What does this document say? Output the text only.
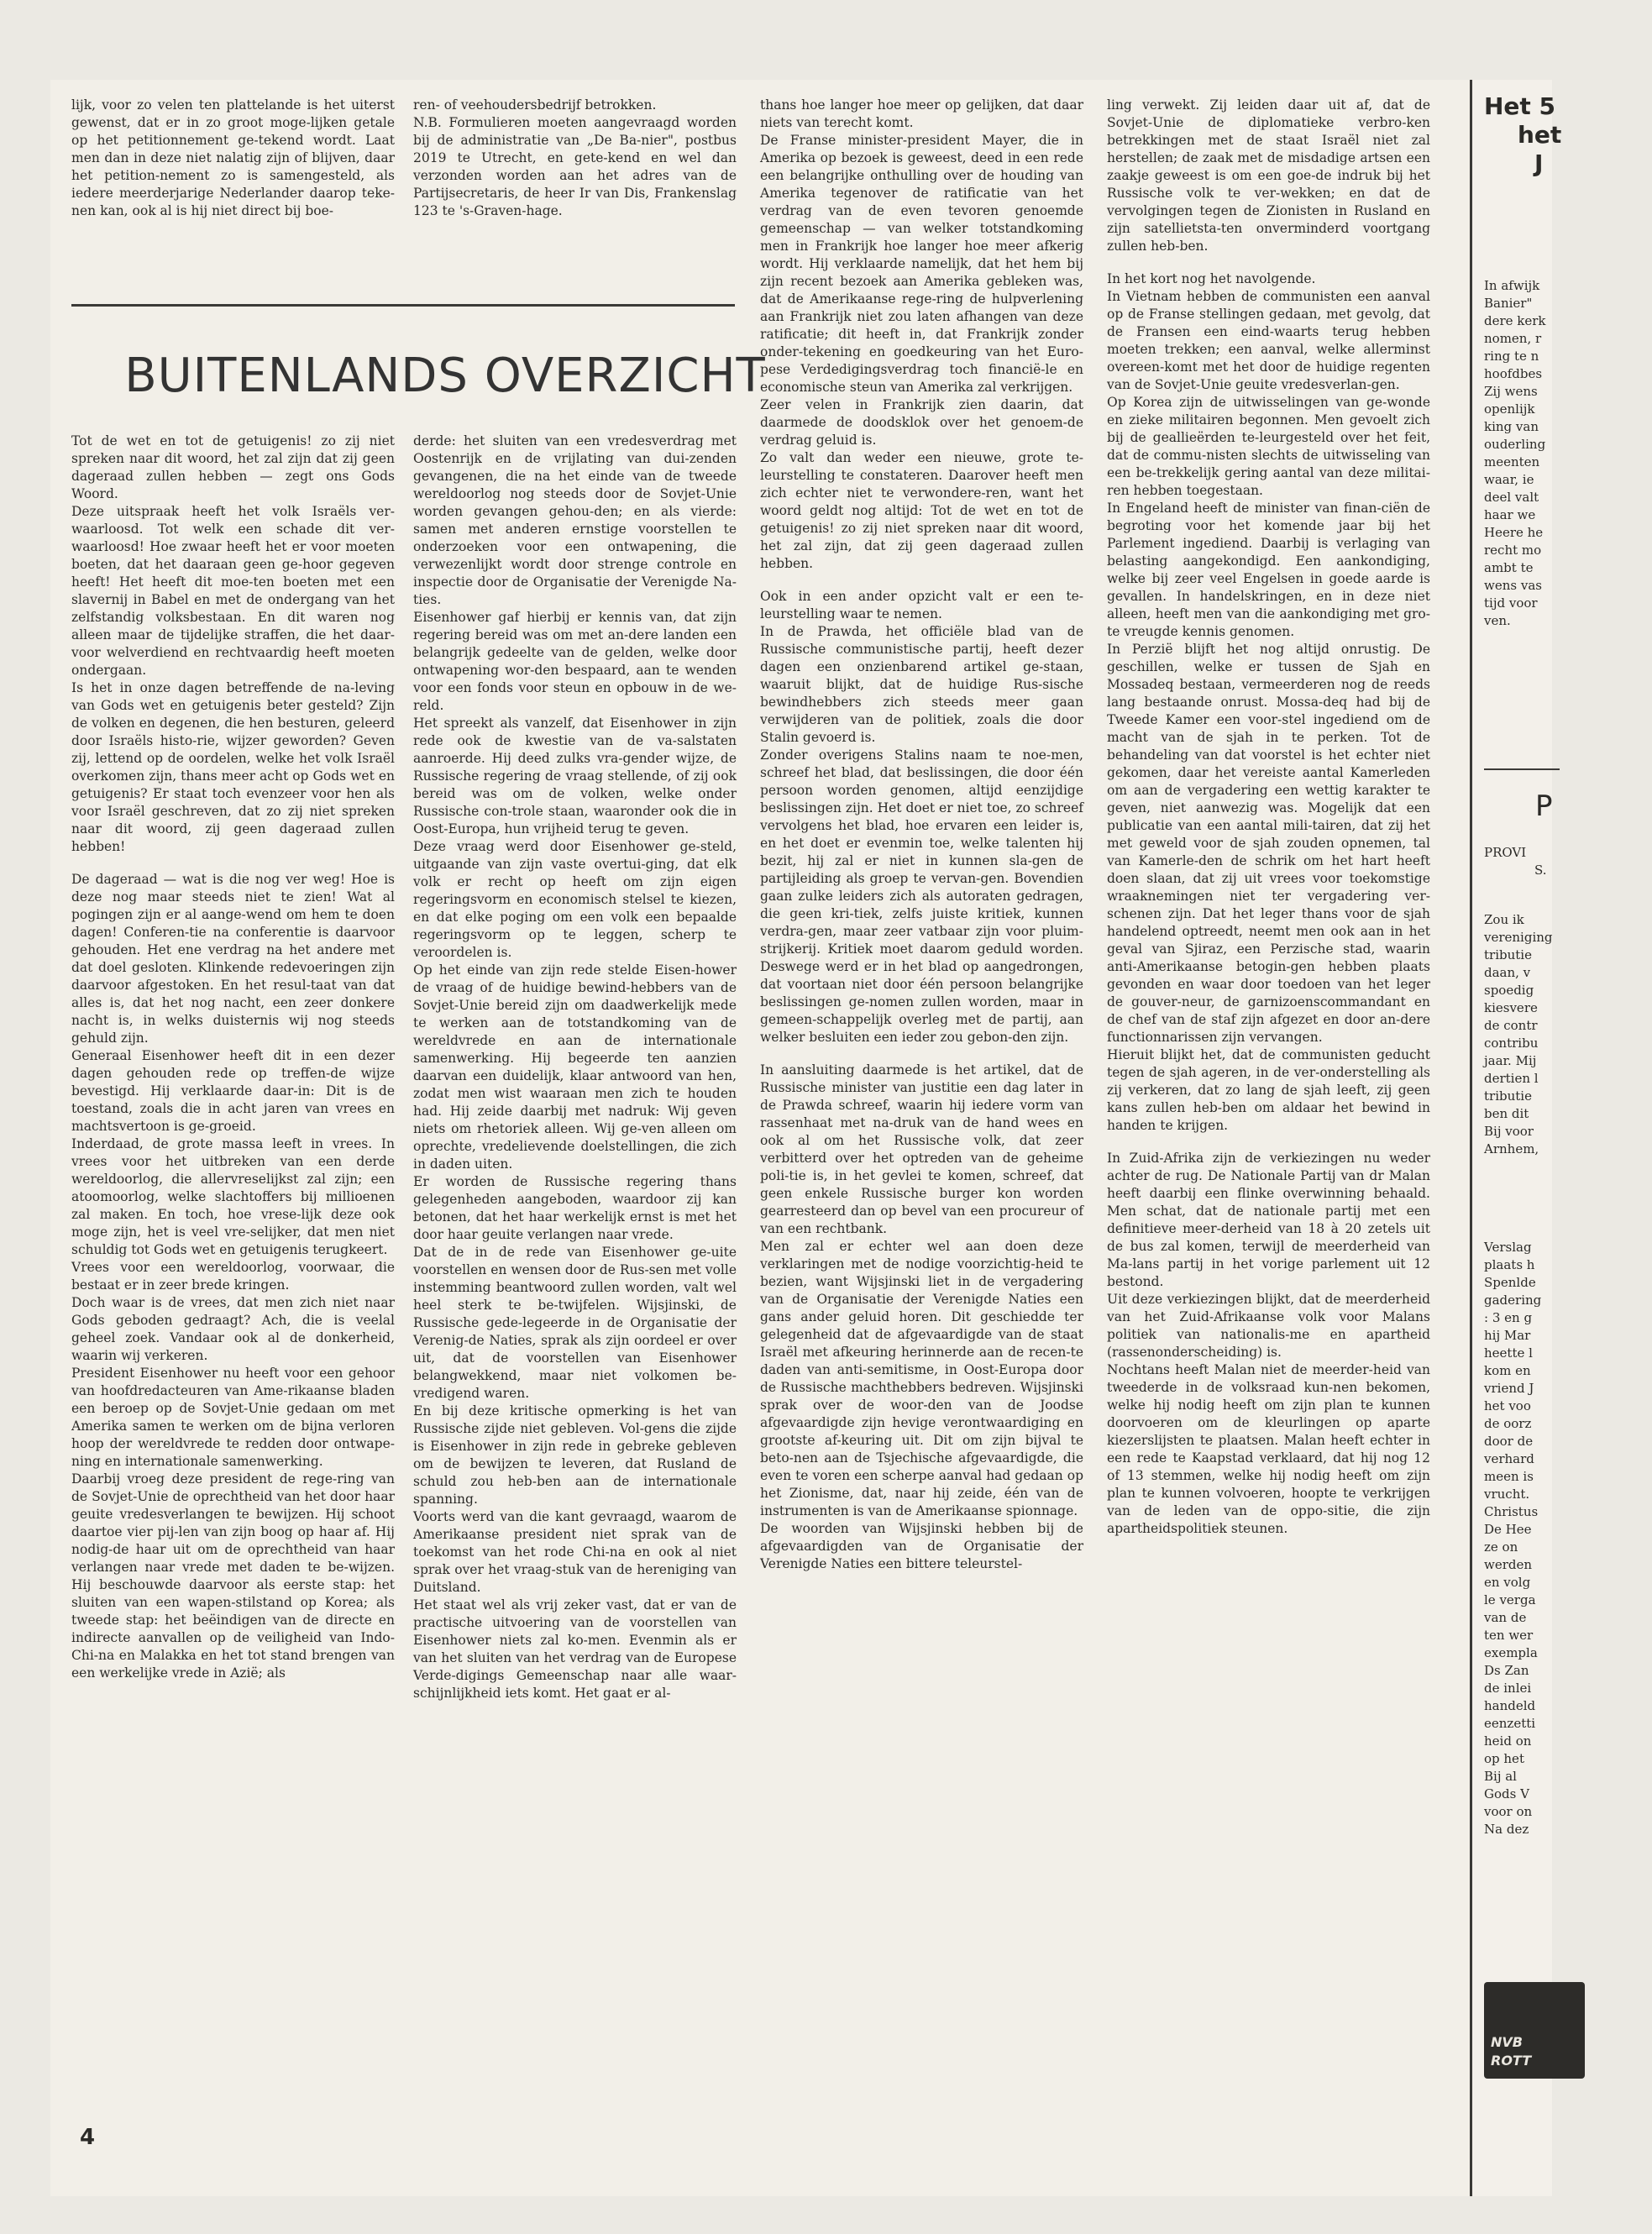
lijk, voor zo velen ten plattelande is het uiterst gewenst, dat er in zo groot moge-lijken getale op het petitionnement ge-tekend wordt. Laat men dan in deze niet nalatig zijn of blijven, daar het petition-nement zo is samengesteld, als iedere meerderjarige Nederlander daarop teke-nen kan, ook al is hij niet direct bij boe-

ren- of veehoudersbedrijf betrokken.

N.B. Formulieren moeten aangevraagd worden bij de administratie van „De Ba-nier", postbus 2019 te Utrecht, en gete-kend en wel dan verzonden worden aan het adres van de Partijsecretaris, de heer Ir van Dis, Frankenslag 123 te 's-Graven-hage.

BUITENLANDS OVERZICHT

Tot de wet en tot de getuigenis! zo zij niet spreken naar dit woord, het zal zijn dat zij geen dageraad zullen hebben — zegt ons Gods Woord.

Deze uitspraak heeft het volk Israëls ver-waarloosd. Tot welk een schade dit ver-waarloosd! Hoe zwaar heeft het er voor moeten boeten, dat het daaraan geen ge-hoor gegeven heeft! Het heeft dit moe-ten boeten met een slavernij in Babel en met de ondergang van het zelfstandig volksbestaan. En dit waren nog alleen maar de tijdelijke straffen, die het daar-voor welverdiend en rechtvaardig heeft moeten ondergaan.

Is het in onze dagen betreffende de na-leving van Gods wet en getuigenis beter gesteld? Zijn de volken en degenen, die hen besturen, geleerd door Israëls histo-rie, wijzer geworden? Geven zij, lettend op de oordelen, welke het volk Israël overkomen zijn, thans meer acht op Gods wet en getuigenis? Er staat toch evenzeer voor hen als voor Israël geschreven, dat zo zij niet spreken naar dit woord, zij geen dageraad zullen hebben!

De dageraad — wat is die nog ver weg! Hoe is deze nog maar steeds niet te zien! Wat al pogingen zijn er al aange-wend om hem te doen dagen! Conferen-tie na conferentie is daarvoor gehouden. Het ene verdrag na het andere met dat doel gesloten. Klinkende redevoeringen zijn daarvoor afgestoken. En het resul-taat van dat alles is, dat het nog nacht, een zeer donkere nacht is, in welks duisternis wij nog steeds gehuld zijn.

Generaal Eisenhower heeft dit in een dezer dagen gehouden rede op treffen-de wijze bevestigd. Hij verklaarde daar-in: Dit is de toestand, zoals die in acht jaren van vrees en machtsvertoon is ge-groeid.

Inderdaad, de grote massa leeft in vrees. In vrees voor het uitbreken van een derde wereldoorlog, die allervreselijkst zal zijn; een atoomoorlog, welke slachtoffers bij millioenen zal maken. En toch, hoe vrese-lijk deze ook moge zijn, het is veel vre-selijker, dat men niet schuldig tot Gods wet en getuigenis terugkeert.

Vrees voor een wereldoorlog, voorwaar, die bestaat er in zeer brede kringen.

Doch waar is de vrees, dat men zich niet naar Gods geboden gedraagt? Ach, die is veelal geheel zoek. Vandaar ook al de donkerheid, waarin wij verkeren.

President Eisenhower nu heeft voor een gehoor van hoofdredacteuren van Ame-rikaanse bladen een beroep op de Sovjet-Unie gedaan om met Amerika samen te werken om de bijna verloren hoop der wereldvrede te redden door ontwape-ning en internationale samenwerking.

Daarbij vroeg deze president de rege-ring van de Sovjet-Unie de oprechtheid van het door haar geuite vredesverlangen te bewijzen. Hij schoot daartoe vier pij-len van zijn boog op haar af. Hij nodig-de haar uit om de oprechtheid van haar verlangen naar vrede met daden te be-wijzen. Hij beschouwde daarvoor als eerste stap: het sluiten van een wapen-stilstand op Korea; als tweede stap: het beëindigen van de directe en indirecte aanvallen op de veiligheid van Indo-Chi-na en Malakka en het tot stand brengen van een werkelijke vrede in Azië; als

derde: het sluiten van een vredesverdrag met Oostenrijk en de vrijlating van dui-zenden gevangenen, die na het einde van de tweede wereldoorlog nog steeds door de Sovjet-Unie worden gevangen gehou-den; en als vierde: samen met anderen ernstige voorstellen te onderzoeken voor een ontwapening, die verwezenlijkt wordt door strenge controle en inspectie door de Organisatie der Verenigde Na-ties.

Eisenhower gaf hierbij er kennis van, dat zijn regering bereid was om met an-dere landen een belangrijk gedeelte van de gelden, welke door ontwapening wor-den bespaard, aan te wenden voor een fonds voor steun en opbouw in de we-reld.

Het spreekt als vanzelf, dat Eisenhower in zijn rede ook de kwestie van de va-salstaten aanroerde. Hij deed zulks vra-gender wijze, de Russische regering de vraag stellende, of zij ook bereid was om de volken, welke onder Russische con-trole staan, waaronder ook die in Oost-Europa, hun vrijheid terug te geven.

Deze vraag werd door Eisenhower ge-steld, uitgaande van zijn vaste overtui-ging, dat elk volk er recht op heeft om zijn eigen regeringsvorm en economisch stelsel te kiezen, en dat elke poging om een volk een bepaalde regeringsvorm op te leggen, scherp te veroordelen is.

Op het einde van zijn rede stelde Eisen-hower de vraag of de huidige bewind-hebbers van de Sovjet-Unie bereid zijn om daadwerkelijk mede te werken aan de totstandkoming van de wereldvrede en aan de internationale samenwerking. Hij begeerde ten aanzien daarvan een duidelijk, klaar antwoord van hen, zodat men wist waaraan men zich te houden had. Hij zeide daarbij met nadruk: Wij geven niets om rhetoriek alleen. Wij ge-ven alleen om oprechte, vredelievende doelstellingen, die zich in daden uiten.

Er worden de Russische regering thans gelegenheden aangeboden, waardoor zij kan betonen, dat het haar werkelijk ernst is met het door haar geuite verlangen naar vrede.

Dat de in de rede van Eisenhower ge-uite voorstellen en wensen door de Rus-sen met volle instemming beantwoord zullen worden, valt wel heel sterk te be-twijfelen. Wijsjinski, de Russische gede-legeerde in de Organisatie der Verenig-de Naties, sprak als zijn oordeel er over uit, dat de voorstellen van Eisenhower belangwekkend, maar niet volkomen be-vredigend waren.

En bij deze kritische opmerking is het van Russische zijde niet gebleven. Vol-gens die zijde is Eisenhower in zijn rede in gebreke gebleven om de bewijzen te leveren, dat Rusland de schuld zou heb-ben aan de internationale spanning.

Voorts werd van die kant gevraagd, waarom de Amerikaanse president niet sprak van de toekomst van het rode Chi-na en ook al niet sprak over het vraag-stuk van de hereniging van Duitsland.

Het staat wel als vrij zeker vast, dat er van de practische uitvoering van de voorstellen van Eisenhower niets zal ko-men. Evenmin als er van het sluiten van het verdrag van de Europese Verde-digings Gemeenschap naar alle waar-schijnlijkheid iets komt. Het gaat er al-

thans hoe langer hoe meer op gelijken, dat daar niets van terecht komt.

De Franse minister-president Mayer, die in Amerika op bezoek is geweest, deed in een rede een belangrijke onthulling over de houding van Amerika tegenover de ratificatie van het verdrag van de even tevoren genoemde gemeenschap — van welker totstandkoming men in Frankrijk hoe langer hoe meer afkerig wordt. Hij verklaarde namelijk, dat het hem bij zijn recent bezoek aan Amerika gebleken was, dat de Amerikaanse rege-ring de hulpverlening aan Frankrijk niet zou laten afhangen van deze ratificatie; dit heeft in, dat Frankrijk zonder onder-tekening en goedkeuring van het Euro-pese Verdedigingsverdrag toch financië-le en economische steun van Amerika zal verkrijgen.

Zeer velen in Frankrijk zien daarin, dat daarmede de doodsklok over het genoem-de verdrag geluid is.

Zo valt dan weder een nieuwe, grote te-leurstelling te constateren. Daarover heeft men zich echter niet te verwondere-ren, want het woord geldt nog altijd: Tot de wet en tot de getuigenis! zo zij niet spreken naar dit woord, het zal zijn, dat zij geen dageraad zullen hebben.

Ook in een ander opzicht valt er een te-leurstelling waar te nemen.

In de Prawda, het officiële blad van de Russische communistische partij, heeft dezer dagen een onzienbarend artikel ge-staan, waaruit blijkt, dat de huidige Rus-sische bewindhebbers zich steeds meer gaan verwijderen van de politiek, zoals die door Stalin gevoerd is.

Zonder overigens Stalins naam te noe-men, schreef het blad, dat beslissingen, die door één persoon worden genomen, altijd eenzijdige beslissingen zijn. Het doet er niet toe, zo schreef vervolgens het blad, hoe ervaren een leider is, en het doet er evenmin toe, welke talenten hij bezit, hij zal er niet in kunnen sla-gen de partijleiding als groep te vervan-gen. Bovendien gaan zulke leiders zich als autoraten gedragen, die geen kri-tiek, zelfs juiste kritiek, kunnen verdra-gen, maar zeer vatbaar zijn voor pluim-strijkerij. Kritiek moet daarom geduld worden. Deswege werd er in het blad op aangedrongen, dat voortaan niet door één persoon belangrijke beslissingen ge-nomen zullen worden, maar in gemeen-schappelijk overleg met de partij, aan welker besluiten een ieder zou gebon-den zijn.

In aansluiting daarmede is het artikel, dat de Russische minister van justitie een dag later in de Prawda schreef, waarin hij iedere vorm van rassenhaat met na-druk van de hand wees en ook al om het Russische volk, dat zeer verbitterd over het optreden van de geheime poli-tie is, in het gevlei te komen, schreef, dat geen enkele Russische burger kon worden gearresteerd dan op bevel van een procureur of van een rechtbank.

Men zal er echter wel aan doen deze verklaringen met de nodige voorzichtig-heid te bezien, want Wijsjinski liet in de vergadering van de Organisatie der Verenigde Naties een gans ander geluid horen. Dit geschiedde ter gelegenheid dat de afgevaardigde van de staat Israël met afkeuring herinnerde aan de recen-te daden van anti-semitisme, in Oost-Europa door de Russische machthebbers bedreven. Wijsjinski sprak over de woor-den van de Joodse afgevaardigde zijn hevige verontwaardiging en grootste af-keuring uit. Dit om zijn bijval te beto-nen aan de Tsjechische afgevaardigde, die even te voren een scherpe aanval had gedaan op het Zionisme, dat, naar hij zeide, één van de instrumenten is van de Amerikaanse spionnage.

De woorden van Wijsjinski hebben bij de afgevaardigden van de Organisatie der Verenigde Naties een bittere teleurstel-

ling verwekt. Zij leiden daar uit af, dat de Sovjet-Unie de diplomatieke verbro-ken betrekkingen met de staat Israël niet zal herstellen; de zaak met de misdadige artsen een zaakje geweest is om een goe-de indruk bij het Russische volk te ver-wekken; en dat de vervolgingen tegen de Zionisten in Rusland en zijn satellietsta-ten onverminderd voortgang zullen heb-ben.

In het kort nog het navolgende.

In Vietnam hebben de communisten een aanval op de Franse stellingen gedaan, met gevolg, dat de Fransen een eind-waarts terug hebben moeten trekken; een aanval, welke allerminst overeen-komt met het door de huidige regenten van de Sovjet-Unie geuite vredesverlan-gen.

Op Korea zijn de uitwisselingen van ge-wonde en zieke militairen begonnen. Men gevoelt zich bij de geallieërden te-leurgesteld over het feit, dat de commu-nisten slechts de uitwisseling van een be-trekkelijk gering aantal van deze militai-ren hebben toegestaan.

In Engeland heeft de minister van finan-ciën de begroting voor het komende jaar bij het Parlement ingediend. Daarbij is verlaging van belasting aangekondigd. Een aankondiging, welke bij zeer veel Engelsen in goede aarde is gevallen. In handelskringen, en in deze niet alleen, heeft men van die aankondiging met gro-te vreugde kennis genomen.

In Perzië blijft het nog altijd onrustig. De geschillen, welke er tussen de Sjah en Mossadeq bestaan, vermeerderen nog de reeds lang bestaande onrust. Mossa-deq had bij de Tweede Kamer een voor-stel ingediend om de macht van de sjah in te perken. Tot de behandeling van dat voorstel is het echter niet gekomen, daar het vereiste aantal Kamerleden om aan de vergadering een wettig karakter te geven, niet aanwezig was. Mogelijk dat een publicatie van een aantal mili-tairen, dat zij het met geweld voor de sjah zouden opnemen, tal van Kamerle-den de schrik om het hart heeft doen slaan, dat zij uit vrees voor toekomstige wraaknemingen niet ter vergadering ver-schenen zijn. Dat het leger thans voor de sjah handelend optreedt, neemt men ook aan in het geval van Sjiraz, een Perzische stad, waarin anti-Amerikaanse betogin-gen hebben plaats gevonden en waar door toedoen van het leger de gouver-neur, de garnizoenscommandant en de chef van de staf zijn afgezet en door an-dere functionnarissen zijn vervangen.

Hieruit blijkt het, dat de communisten geducht tegen de sjah ageren, in de ver-onderstelling als zij verkeren, dat zo lang de sjah leeft, zij geen kans zullen heb-ben om aldaar het bewind in handen te krijgen.

In Zuid-Afrika zijn de verkiezingen nu weder achter de rug. De Nationale Partij van dr Malan heeft daarbij een flinke overwinning behaald. Men schat, dat de nationale partij met een definitieve meer-derheid van 18 à 20 zetels uit de bus zal komen, terwijl de meerderheid van Ma-lans partij in het vorige parlement uit 12 bestond.

Uit deze verkiezingen blijkt, dat de meerderheid van het Zuid-Afrikaanse volk voor Malans politiek van nationalis-me en apartheid (rassenonderscheiding) is.

Nochtans heeft Malan niet de meerder-heid van tweederde in de volksraad kun-nen bekomen, welke hij nodig heeft om zijn plan te kunnen doorvoeren om de kleurlingen op aparte kiezerslijsten te plaatsen. Malan heeft echter in een rede te Kaapstad verklaard, dat hij nog 12 of 13 stemmen, welke hij nodig heeft om zijn plan te kunnen volvoeren, hoopte te verkrijgen van de leden van de oppo-sitie, die zijn apartheidspolitiek steunen.

4
Het 5
het
J
In afwijk
Banier"
dere kerk
nomen, r
ring te n
hoofdbes
Zij wens
openlijk
king van
ouderling
meenten
waar, ie
deel valt
haar we
Heere he
recht mo
ambt te
wens vas
tijd voor
ven.
P
PROVI
S.
Zou ik
vereniging
tributie
daan, v
spoedig
kiesvere
de contr
contribu
jaar. Mij
dertien l
tributie
ben dit
Bij voor
Arnhem,
Verslag
plaats h
Spenlde
gadering
: 3 en g
hij Mar
heette l
kom en
vriend J
het voo
de oorz
door de
verhard
meen is
vrucht.
Christus
De Hee
ze on
werden
en volg
le verga
van de
ten wer
exempla
Ds Zan
de inlei
handeld
eenzetti
heid on
op het
Bij al
Gods V
voor on
Na dez
NVB
ROTT
